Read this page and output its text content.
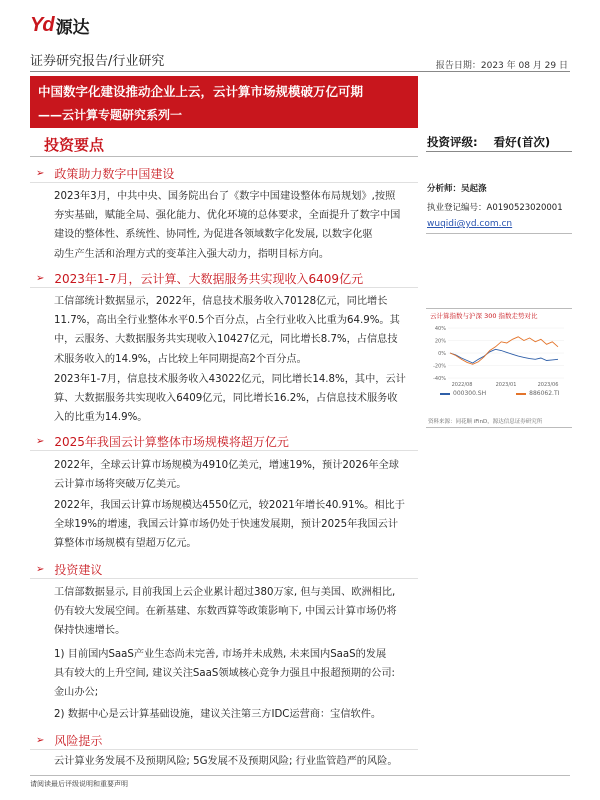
Yd 源达
证券研究报告/行业研究	报告日期：2023 年 08 月 29 日
中国数字化建设推动企业上云，云计算市场规模破万亿可期
——云计算专题研究系列一
投资要点
➢ 政策助力数字中国建设
2023年3月，中共中央、国务院出台了《数字中国建设整体布局规划》,按照
夯实基础，赋能全局、强化能力、优化环境的总体要求，全面提升了数字中国
建设的整体性、系统性、协同性, 为促进各领域数字化发展, 以数字化驱
动生产生活和治理方式的变革注入强大动力，指明目标方向。
➢ 2023年1-7月，云计算、大数据服务共实现收入6409亿元
工信部统计数据显示，2022年，信息技术服务收入70128亿元，同比增长
11.7%，高出全行业整体水平0.5个百分点，占全行业收入比重为64.9%。其
中，云服务、大数据服务共实现收入10427亿元，同比增长8.7%，占信息技
术服务收入的14.9%，占比较上年同期提高2个百分点。
2023年1-7月，信息技术服务收入43022亿元，同比增长14.8%，其中，云计
算、大数据服务共实现收入6409亿元，同比增长16.2%，占信息技术服务收
入的比重为14.9%。
➢ 2025年我国云计算整体市场规模将超万亿元
2022年，全球云计算市场规模为4910亿美元，增速19%，预计2026年全球
云计算市场将突破万亿美元。
2022年，我国云计算市场规模达4550亿元，较2021年增长40.91%。相比于
全球19%的增速，我国云计算市场仍处于快速发展期，预计2025年我国云计
算整体市场规模有望超万亿元。
➢ 投资建议
工信部数据显示, 目前我国上云企业累计超过380万家, 但与美国、欧洲相比,
仍有较大发展空间。在新基建、东数西算等政策影响下, 中国云计算市场仍将
保持快速增长。
1) 目前国内SaaS产业生态尚未完善, 市场并未成熟, 未来国内SaaS的发展
具有较大的上升空间, 建议关注SaaS领域核心竞争力强且中报超预期的公司:
金山办公;
2) 数据中心是云计算基础设施，建议关注第三方IDC运营商：宝信软件。
➢ 风险提示
云计算业务发展不及预期风险; 5G发展不及预期风险; 行业监管趋严的风险。
投资评级: 看好(首次)
分析师：吴起涤
执业登记编号：A0190523020001
wuqidi@yd.com.cn
云计算指数与沪深 300 指数走势对比
40%
20%
0%
-20%
-40%
2022/08	2023/01	2023/06
000300.SH	886062.TI
资料来源：同花顺 iFinD，源达信息证券研究所
请阅读最后评级说明和重要声明
